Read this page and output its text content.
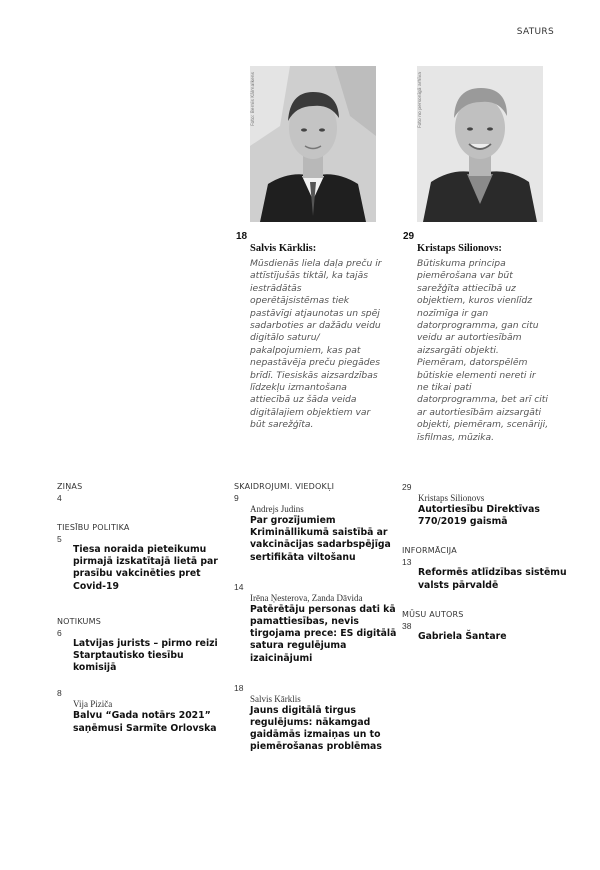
SATURS
Foto: Bernis Kālmalkens
18
Salvis Kārklis:
Mūsdienās liela daļa preču ir attīstījušās tiktāl, ka tajās iestrādātās operētājsistēmas tiek pastāvīgi atjaunotas un spēj sadarboties ar dažādu veidu digitālo saturu/ pakalpojumiem, kas pat nepastāvēja preču piegādes brīdī. Tiesiskās aizsardzības līdzekļu izmantošana attiecībā uz šāda veida digitālajiem objektiem var būt sarežģīta.
Foto no personīgā arhīva
29
Kristaps Silionovs:
Būtiskuma principa piemērošana var būt sarežģīta attiecībā uz objektiem, kuros vienlīdz nozīmīga ir gan datorprogramma, gan citu veidu ar autortiesībām aizsargāti objekti. Piemēram, datorspēlēm būtiskie elementi nereti ir ne tikai pati datorprogramma, bet arī citi ar autortiesībām aizsargāti objekti, piemēram, scenāriji, īsfilmas, mūzika.
ZIŅAS
4
TIESĪBU POLITIKA
5
Tiesa noraida pieteikumu pirmajā izskatītajā lietā par prasību vakcinēties pret Covid-19
NOTIKUMS
6
Latvijas jurists – pirmo reizi Starptautisko tiesību komisijā
8
Vija Piziča
Balvu “Gada notārs 2021” saņēmusi Sarmīte Orlovska
SKAIDROJUMI. VIEDOKĻI
9
Andrejs Judins
Par grozījumiem Krimināllikumā saistībā ar vakcinācijas sadarbspējīga sertifikāta viltošanu
14
Irēna Ņesterova, Zanda Dāvida
Patērētāju personas dati kā pamattiesības, nevis tirgojama prece: ES digitālā satura regulējuma izaicinājumi
18
Salvis Kārklis
Jauns digitālā tirgus regulējums: nākamgad gaidāmās izmaiņas un to piemērošanas problēmas
29
Kristaps Silionovs
Autortiesību Direktīvas 770/2019 gaismā
INFORMĀCIJA
13
Reformēs atlīdzības sistēmu valsts pārvaldē
MŪSU AUTORS
38
Gabriela Šantare
